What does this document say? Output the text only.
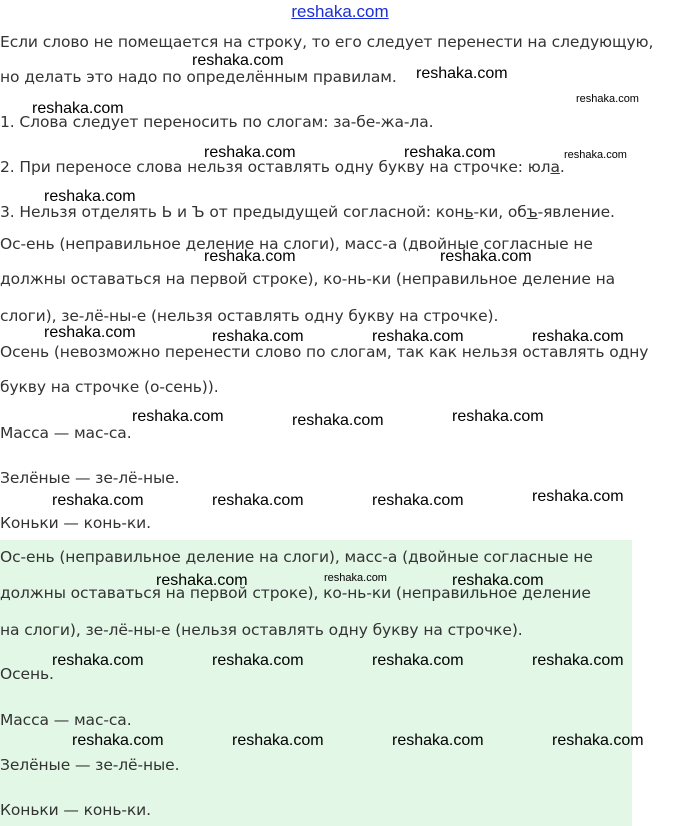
reshaka.com

Если слово не помещается на строку, то его следует перенести на следующую,

но делать это надо по определённым правилам.

1. Слова следует переносить по слогам: за-бе-жа-ла.

2. При переносе слова нельзя оставлять одну букву на строчке: юла.

3. Нельзя отделять Ь и Ъ от предыдущей согласной: конь-ки, объ-явление.

Ос-ень (неправильное деление на слоги), масс-а (двойные согласные не

должны оставаться на первой строке), ко-нь-ки (неправильное деление на

слоги), зе-лё-ны-е (нельзя оставлять одну букву на строчке).

Осень (невозможно перенести слово по слогам, так как нельзя оставлять одну

букву на строчке (о-сень)).

Масса — мас-са.

Зелёные — зе-лё-ные.

Коньки — конь-ки.

Ос-ень (неправильное деление на слоги), масс-а (двойные согласные не

должны оставаться на первой строке), ко-нь-ки (неправильное деление

на слоги), зе-лё-ны-е (нельзя оставлять одну букву на строчке).

Осень.

Масса — мас-са.

Зелёные — зе-лё-ные.

Коньки — конь-ки.

reshaka.com
reshaka.com
reshaka.com
reshaka.com
reshaka.com	reshaka.com	reshaka.com
reshaka.com
reshaka.com	reshaka.com
reshaka.com	reshaka.com	reshaka.com	reshaka.com
reshaka.com	reshaka.com	reshaka.com
reshaka.com	reshaka.com	reshaka.com	reshaka.com
reshaka.com	reshaka.com	reshaka.com
reshaka.com	reshaka.com	reshaka.com	reshaka.com
reshaka.com	reshaka.com	reshaka.com	reshaka.com
